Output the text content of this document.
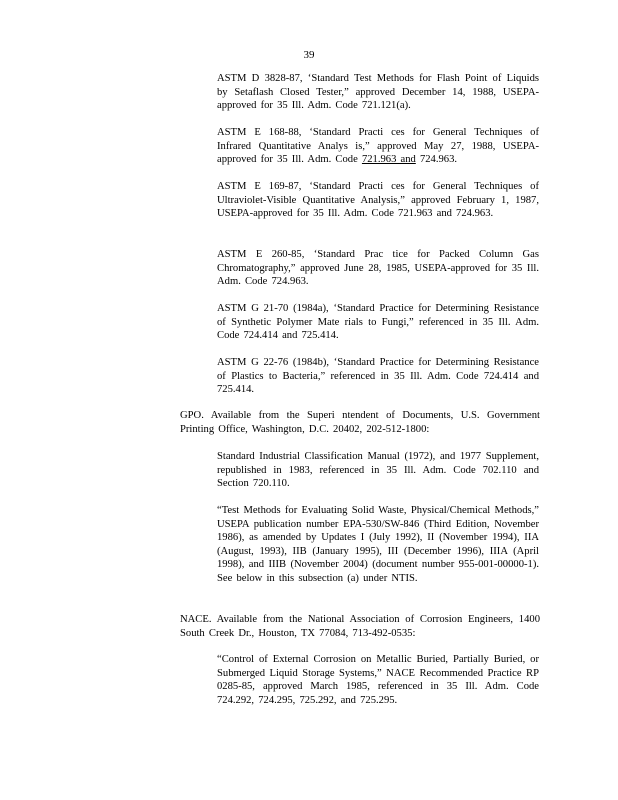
39

ASTM D 3828-87, ‘Standard Test Methods for Flash Point of Liquids by Setaflash Closed Tester,” approved December 14, 1988, USEPA-approved for 35 Ill. Adm. Code 721.121(a).

ASTM E 168-88, ‘Standard Practi ces for General Techniques of Infrared Quantitative Analys is,” approved May 27, 1988, USEPA-approved for 35 Ill. Adm. Code 721.963 and 724.963.

ASTM E 169-87, ‘Standard Practi ces for General Techniques of Ultraviolet-Visible Quantitative Analysis,” approved February 1, 1987, USEPA-approved for 35 Ill. Adm. Code 721.963 and 724.963.

ASTM E 260-85, ‘Standard Prac tice for Packed Column Gas Chromatography,” approved June 28, 1985, USEPA-approved for 35 Ill. Adm. Code 724.963.

ASTM G 21-70 (1984a), ‘Standard Practice for Determining Resistance of Synthetic Polymer Mate rials to Fungi,” referenced in 35 Ill. Adm. Code 724.414 and 725.414.

ASTM G 22-76 (1984b), ‘Standard Practice for Determining Resistance of Plastics to Bacteria,” referenced in 35 Ill. Adm. Code 724.414 and 725.414.

GPO. Available from the Superi ntendent of Documents, U.S. Government Printing Office, Washington, D.C. 20402, 202-512-1800:

Standard Industrial Classification Manual (1972), and 1977 Supplement, republished in 1983, referenced in 35 Ill. Adm. Code 702.110 and Section 720.110.

“Test Methods for Evaluating Solid Waste, Physical/Chemical Methods,” USEPA publication number EPA-530/SW-846 (Third Edition, November 1986), as amended by Updates I (July 1992), II (November 1994), IIA (August, 1993), IIB (January 1995), III (December 1996), IIIA (April 1998), and IIIB (November 2004) (document number 955-001-00000-1). See below in this subsection (a) under NTIS.

NACE. Available from the National Association of Corrosion Engineers, 1400 South Creek Dr., Houston, TX 77084, 713-492-0535:

“Control of External Corrosion on Metallic Buried, Partially Buried, or Submerged Liquid Storage Systems,” NACE Recommended Practice RP 0285-85, approved March 1985, referenced in 35 Ill. Adm. Code 724.292, 724.295, 725.292, and 725.295.
